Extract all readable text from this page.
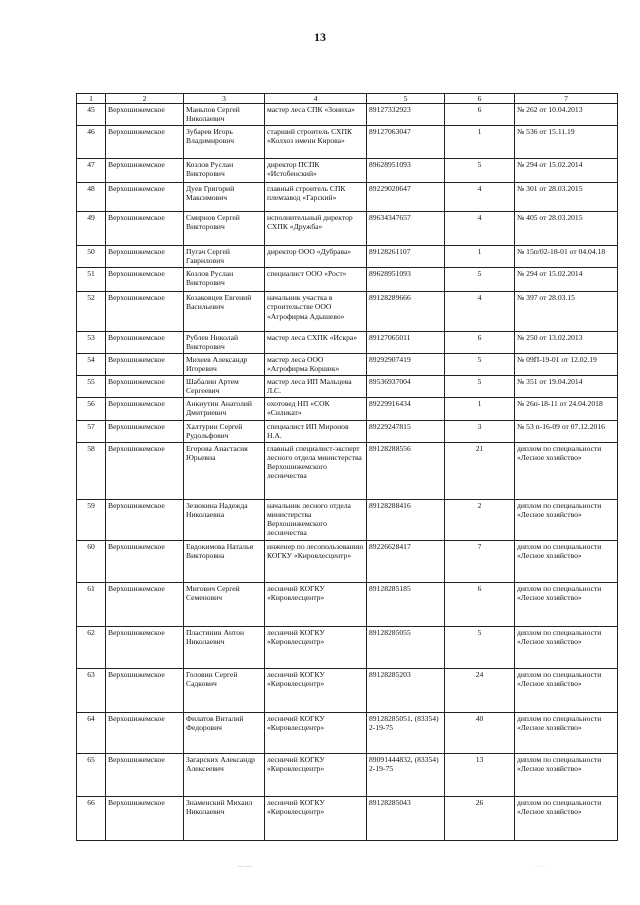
13
1	2	3	4	5	6	7
45	Верхошижемское	Маньпов Сергей Николаевич	мастер леса СПК «Зониха»	89127332923	6	№ 262 от 10.04.2013
46	Верхошижемское	Зубарев Игорь Владимирович	старший строитель СХПК «Колхоз имени Кирова»	89127063047	1	№ 536 от 15.11.19
47	Верхошижемское	Козлов Руслан Викторович	директор ПСПК «Истобенский»	89628951093	5	№ 294 от 15.02.2014
48	Верхошижемское	Дуев Григорий Максимович	главный строитель СПК племзавод «Гарский»	89229020647	4	№ 301 от 28.03.2015
49	Верхошижемское	Смирнов Сергей Викторович	исполнительный директор СХПК «Дружба»	89634347657	4	№ 405 от 28.03.2015
50	Верхошижемское	Пугач Сергей Гаврилович	директор ООО «Дубрава»	89128261107	1	№ 15п/02-18-01 от 04.04.18
51	Верхошижемское	Козлов Руслан Викторович	специалист ООО «Рост»	89628951093	5	№ 294 от 15.02.2014
52	Верхошижемское	Козаковцев Евгений Васильевич	начальник участка в строительстве ООО «Агрофирма Адышево»	89128289666	4	№ 397 от 28.03.15
53	Верхошижемское	Рублев Николай Викторович	мастер леса СХПК «Искра»	89127065011	6	№ 250 от 13.02.2013
54	Верхошижемское	Михеев Александр Игоревич	мастер леса ООО «Агрофирма Коршик»	89292907419	5	№ 09П-19-01 от 12.02.19
55	Верхошижемское	Шабалин Артем Сергеевич	мастер леса ИП Мальцева Л.С.	89536937004	5	№ 351 от 19.04.2014
56	Верхошижемское	Анкиутин Анатолий Дмитриевич	охотовед НП «СОК «Силикат»	89229916434	1	№ 26п-18-11 от 24.04.2018
57	Верхошижемское	Халтурин Сергей Рудольфович	специалист ИП Миронов Н.А.	89229247815	3	№ 53 п-16-09 от 07.12.2016
58	Верхошижемское	Егорова Анастасия Юрьевна	главный специалист-эксперт лесного отдела министерства Верхошижемского лесничества	89128288556	21	диплом по специальности «Лесное хозяйство»
59	Верхошижемское	Зезюкина Надежда Николаевна	начальник лесного отдела министерства Верхошижемского лесничества	89128288416	2	диплом по специальности «Лесное хозяйство»
60	Верхошижемское	Евдокимова Наталья Викторовна	инженер по лесопользованию КОГКУ «Кировлесцентр»	89226628417	7	диплом по специальности «Лесное хозяйство»
61	Верхошижемское	Мигович Сергей Семенович	лесничий КОГКУ «Кировлесцентр»	89128285185	6	диплом по специальности «Лесное хозяйство»
62	Верхошижемское	Пластинин Антон Николаевич	лесничий КОГКУ «Кировлесцентр»	89128285055	5	диплом по специальности «Лесное хозяйство»
63	Верхошижемское	Головин Сергей Садкович	лесничий КОГКУ «Кировлесцентр»	89128285203	24	диплом по специальности «Лесное хозяйство»
64	Верхошижемское	Филатов Виталий Федорович	лесничий КОГКУ «Кировлесцентр»	89128285051, (83354) 2-19-75	40	диплом по специальности «Лесное хозяйство»
65	Верхошижемское	Загарских Александр Алексеевич	лесничий КОГКУ «Кировлесцентр»	89091444832, (83354) 2-19-75	13	диплом по специальности «Лесное хозяйство»
66	Верхошижемское	Знаменский Михаил Николаевич	лесничий КОГКУ «Кировлесцентр»	89128285043	26	диплом по специальности «Лесное хозяйство»
–– ––	· · · ·
